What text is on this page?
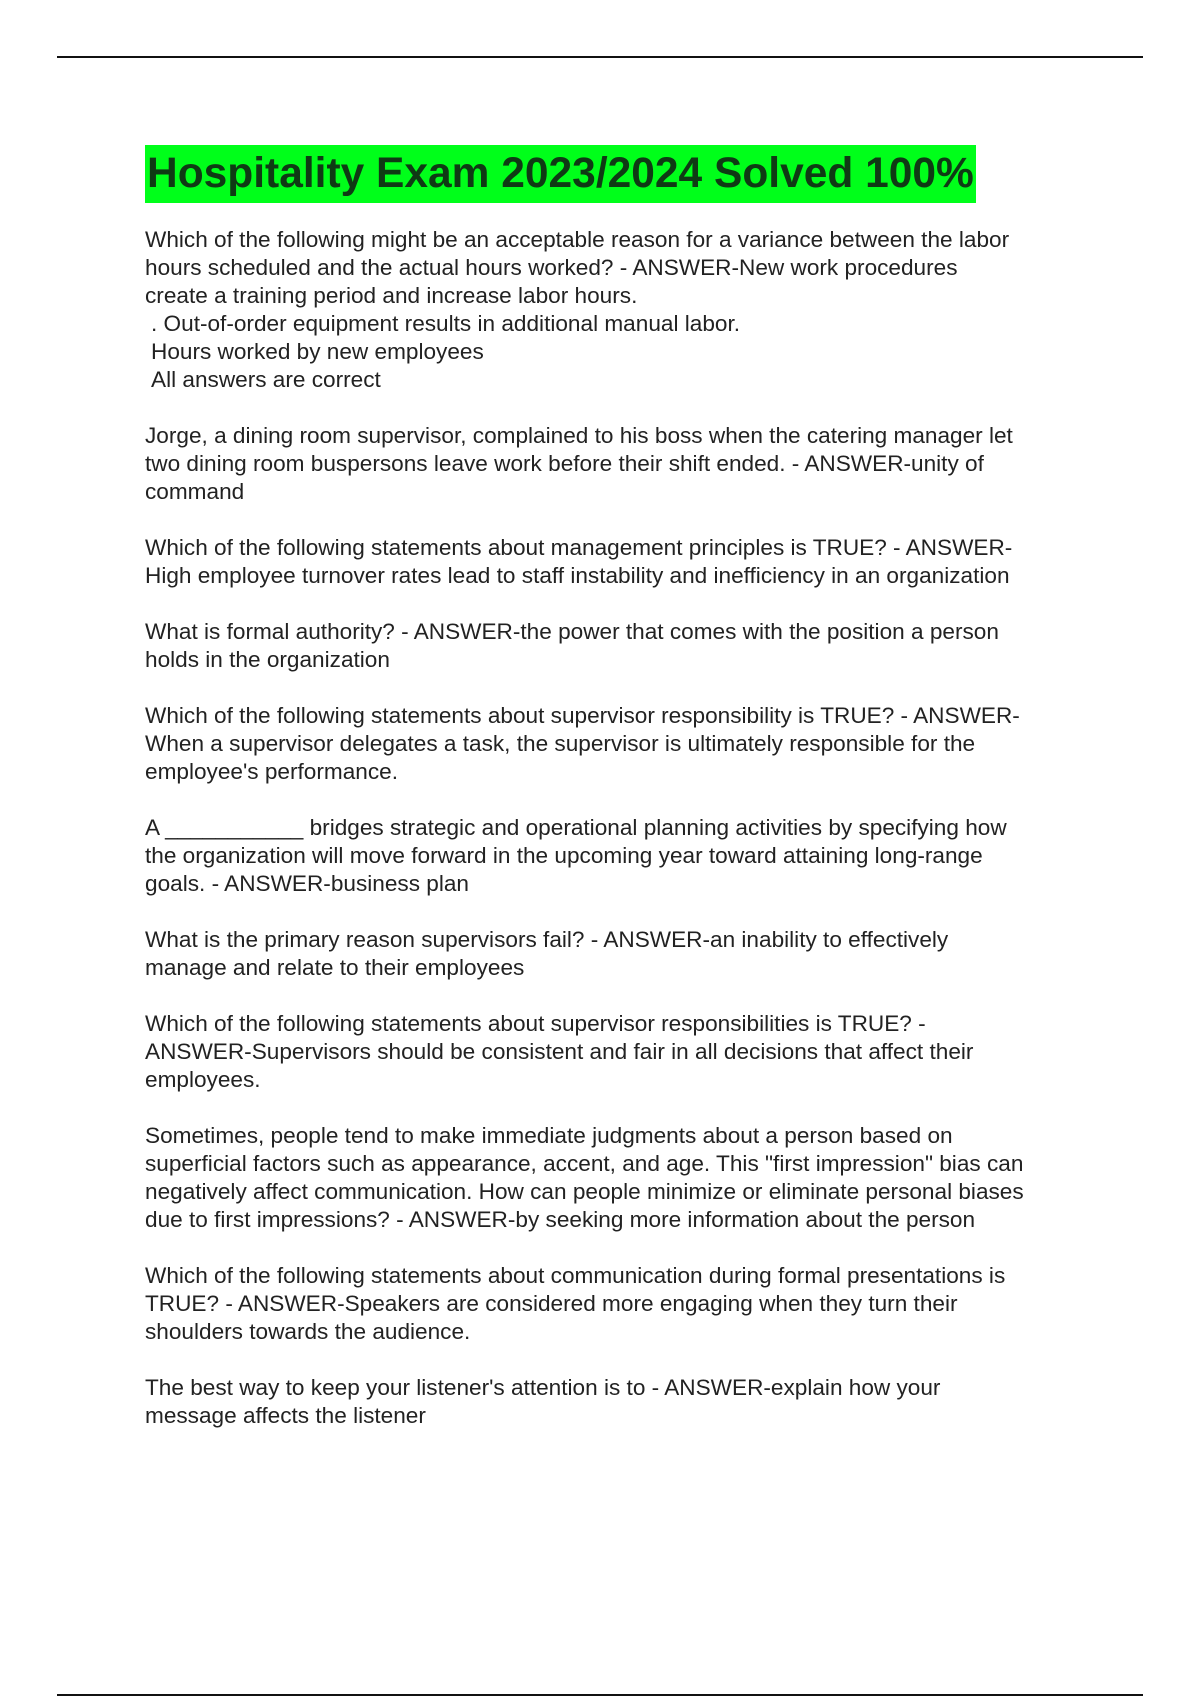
Hospitality Exam 2023/2024 Solved 100%
Which of the following might be an acceptable reason for a variance between the labor
hours scheduled and the actual hours worked? - ANSWER-New work procedures
create a training period and increase labor hours.
. Out-of-order equipment results in additional manual labor.
Hours worked by new employees
All answers are correct
Jorge, a dining room supervisor, complained to his boss when the catering manager let
two dining room buspersons leave work before their shift ended. - ANSWER-unity of
command
Which of the following statements about management principles is TRUE? - ANSWER-
High employee turnover rates lead to staff instability and inefficiency in an organization
What is formal authority? - ANSWER-the power that comes with the position a person
holds in the organization
Which of the following statements about supervisor responsibility is TRUE? - ANSWER-
When a supervisor delegates a task, the supervisor is ultimately responsible for the
employee's performance.
A ___________ bridges strategic and operational planning activities by specifying how
the organization will move forward in the upcoming year toward attaining long-range
goals. - ANSWER-business plan
What is the primary reason supervisors fail? - ANSWER-an inability to effectively
manage and relate to their employees
Which of the following statements about supervisor responsibilities is TRUE? -
ANSWER-Supervisors should be consistent and fair in all decisions that affect their
employees.
Sometimes, people tend to make immediate judgments about a person based on
superficial factors such as appearance, accent, and age. This "first impression" bias can
negatively affect communication. How can people minimize or eliminate personal biases
due to first impressions? - ANSWER-by seeking more information about the person
Which of the following statements about communication during formal presentations is
TRUE? - ANSWER-Speakers are considered more engaging when they turn their
shoulders towards the audience.
The best way to keep your listener's attention is to - ANSWER-explain how your
message affects the listener
